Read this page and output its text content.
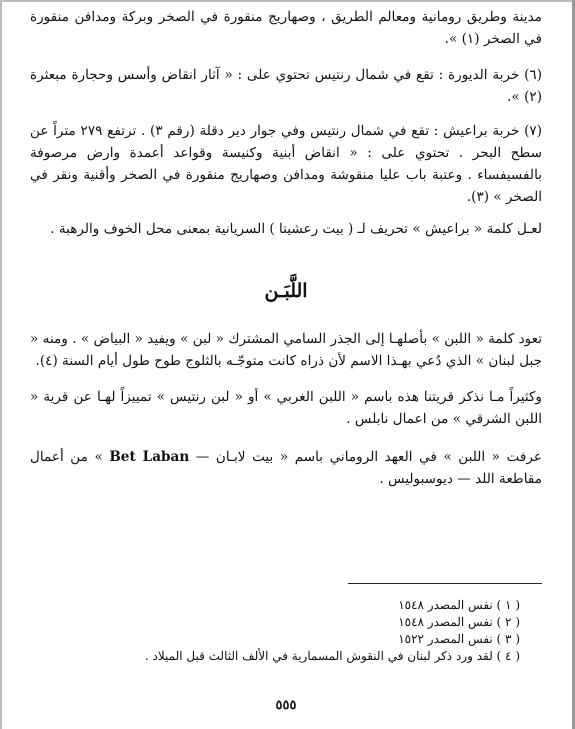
مدينة وطريق رومانية ومعالم الطريق ، وصهاريج منقورة في الصخر وبركة ومدافن منقورة في الصخر (١) ».

(٦) خربة الديورة : تقع في شمال رنتيس تحتوي على : « آثار انقاض وأسس وحجارة مبعثرة (٢) ».

(٧) خربة براعيش : تقع في شمال رنتيس وفي جوار دير دقلة (رقم ٣) . ترتفع ٢٧٩ متراً عن سطح البحر . تحتوي على : « انقاض أبنية وكنيسة وقواعد أعمدة وارض مرصوفة بالفسيفساء . وعتبة باب عليا منقوشة ومدافن وصهاريج منقورة في الصخر وأقنية ونقر في الصخر » (٣).

لعـل كلمة « براعيش » تحريف لـ ( بيت رعشيتا ) السريانية بمعنى محل الخوف والرهبة .

اللَّبَـن

تعود كلمة « اللبن » بأصلهـا إلى الجذر السامي المشترك « لبن » ويفيد « البياض » . ومنه « جبل لبنان » الذي دُعي بهـذا الاسم لأن ذراه كانت متوجّـه بالثلوج طوح طول أيام السنة (٤).

وكثيراً مـا نذكر قريتنا هذه باسم « اللبن الغربي » أو « لبن رنتيس » تمييزاً لهـا عن قرية « اللبن الشرقي » من اعمال نابلس .

عرفت « اللبن » في العهد الروماني باسم « بيت لابـان — Bet Laban » من أعمال مقاطعة اللد — ديوسبوليس .

( ١ ) نفس المصدر ١٥٤٨
( ٢ ) نفس المصدر ١٥٤٨
( ٣ ) نفس المصدر ١٥٢٢
( ٤ ) لقد ورد ذكر لبنان في النقوش المسمارية في الألف الثالث قبل الميلاد .
٥٥٥
